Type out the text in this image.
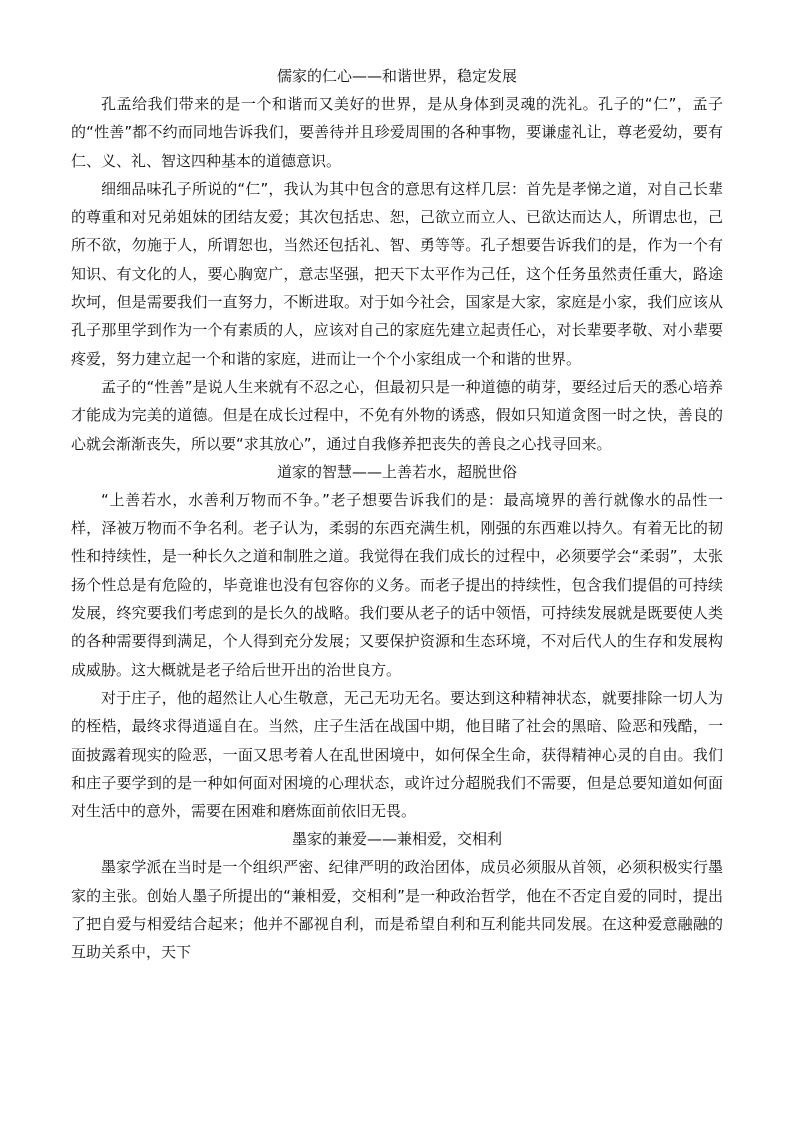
儒家的仁心——和谐世界，稳定发展

孔孟给我们带来的是一个和谐而又美好的世界，是从身体到灵魂的洗礼。孔子的“仁”，孟子的“性善”都不约而同地告诉我们，要善待并且珍爱周围的各种事物，要谦虚礼让，尊老爱幼，要有仁、义、礼、智这四种基本的道德意识。

细细品味孔子所说的“仁”，我认为其中包含的意思有这样几层：首先是孝悌之道，对自己长辈的尊重和对兄弟姐妹的团结友爱；其次包括忠、恕，己欲立而立人、已欲达而达人，所谓忠也，己所不欲，勿施于人，所谓恕也，当然还包括礼、智、勇等等。孔子想要告诉我们的是，作为一个有知识、有文化的人，要心胸宽广，意志坚强，把天下太平作为己任，这个任务虽然责任重大，路途坎坷，但是需要我们一直努力，不断进取。对于如今社会，国家是大家，家庭是小家，我们应该从孔子那里学到作为一个有素质的人，应该对自己的家庭先建立起责任心，对长辈要孝敬、对小辈要疼爱，努力建立起一个和谐的家庭，进而让一个个小家组成一个和谐的世界。

孟子的“性善”是说人生来就有不忍之心，但最初只是一种道德的萌芽，要经过后天的悉心培养才能成为完美的道德。但是在成长过程中，不免有外物的诱惑，假如只知道贪图一时之快，善良的心就会渐渐丧失，所以要“求其放心”，通过自我修养把丧失的善良之心找寻回来。

道家的智慧——上善若水，超脱世俗

“上善若水，水善利万物而不争。”老子想要告诉我们的是：最高境界的善行就像水的品性一样，泽被万物而不争名利。老子认为，柔弱的东西充满生机，刚强的东西难以持久。有着无比的韧性和持续性，是一种长久之道和制胜之道。我觉得在我们成长的过程中，必须要学会“柔弱”，太张扬个性总是有危险的，毕竟谁也没有包容你的义务。而老子提出的持续性，包含我们提倡的可持续发展，终究要我们考虑到的是长久的战略。我们要从老子的话中领悟，可持续发展就是既要使人类的各种需要得到满足，个人得到充分发展；又要保护资源和生态环境，不对后代人的生存和发展构成威胁。这大概就是老子给后世开出的治世良方。

对于庄子，他的超然让人心生敬意，无己无功无名。要达到这种精神状态，就要排除一切人为的桎梏，最终求得逍遥自在。当然，庄子生活在战国中期，他目睹了社会的黑暗、险恶和残酷，一面披露着现实的险恶，一面又思考着人在乱世困境中，如何保全生命，获得精神心灵的自由。我们和庄子要学到的是一种如何面对困境的心理状态，或许过分超脱我们不需要，但是总要知道如何面对生活中的意外，需要在困难和磨炼面前依旧无畏。

墨家的兼爱——兼相爱，交相利

墨家学派在当时是一个组织严密、纪律严明的政治团体，成员必须服从首领，必须积极实行墨家的主张。创始人墨子所提出的“兼相爱，交相利”是一种政治哲学，他在不否定自爱的同时，提出了把自爱与相爱结合起来；他并不鄙视自利，而是希望自利和互利能共同发展。在这种爱意融融的互助关系中，天下
